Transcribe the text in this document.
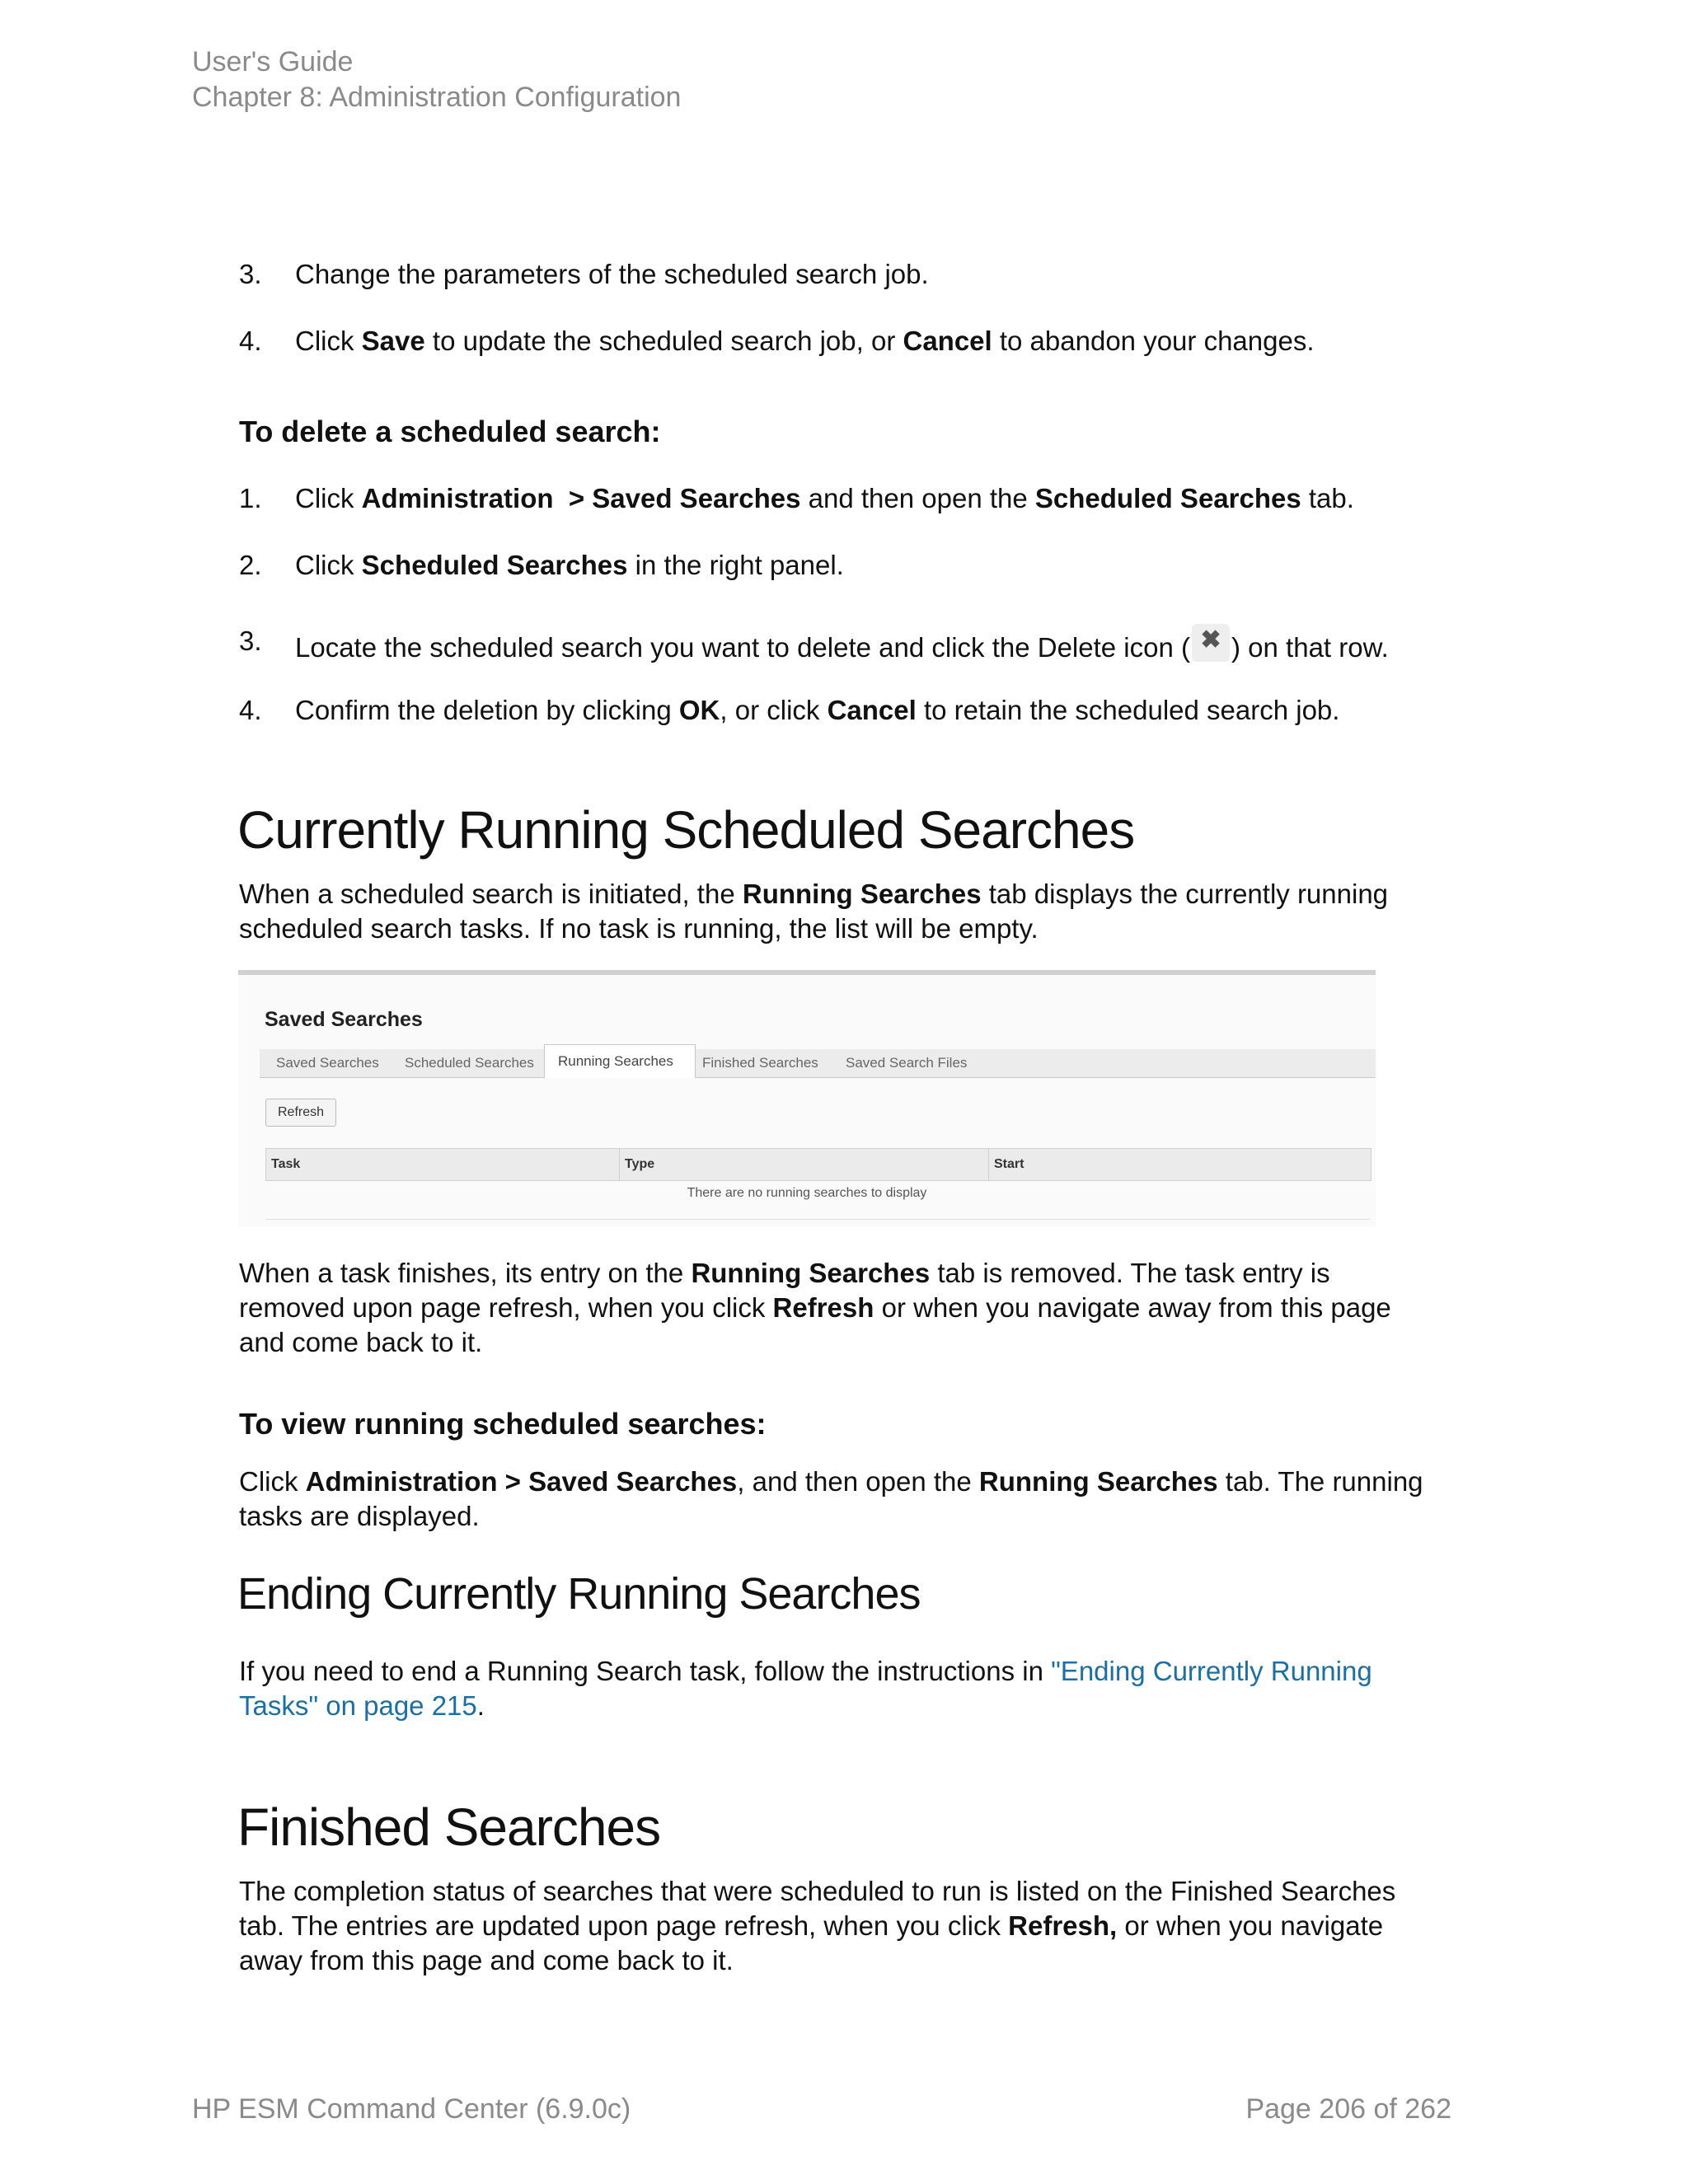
User's Guide
Chapter 8: Administration Configuration
3. Change the parameters of the scheduled search job.
4. Click Save to update the scheduled search job, or Cancel to abandon your changes.
To delete a scheduled search:
1. Click Administration  > Saved Searches and then open the Scheduled Searches tab.
2. Click Scheduled Searches in the right panel.
3. Locate the scheduled search you want to delete and click the Delete icon ( ✖ ) on that row.
4. Confirm the deletion by clicking OK, or click Cancel to retain the scheduled search job.
Currently Running Scheduled Searches
When a scheduled search is initiated, the Running Searches tab displays the currently running scheduled search tasks. If no task is running, the list will be empty.
Saved Searches
Saved Searches Scheduled Searches	Running Searches	Finished Searches Saved Search Files
Refresh
Task	Type	Start
There are no running searches to display
When a task finishes, its entry on the Running Searches tab is removed. The task entry is removed upon page refresh, when you click Refresh or when you navigate away from this page and come back to it.
To view running scheduled searches:
Click Administration > Saved Searches, and then open the Running Searches tab. The running tasks are displayed.
Ending Currently Running Searches
If you need to end a Running Search task, follow the instructions in "Ending Currently Running Tasks" on page 215.
Finished Searches
The completion status of searches that were scheduled to run is listed on the Finished Searches tab. The entries are updated upon page refresh, when you click Refresh, or when you navigate away from this page and come back to it.
HP ESM Command Center (6.9.0c)	Page 206 of 262
